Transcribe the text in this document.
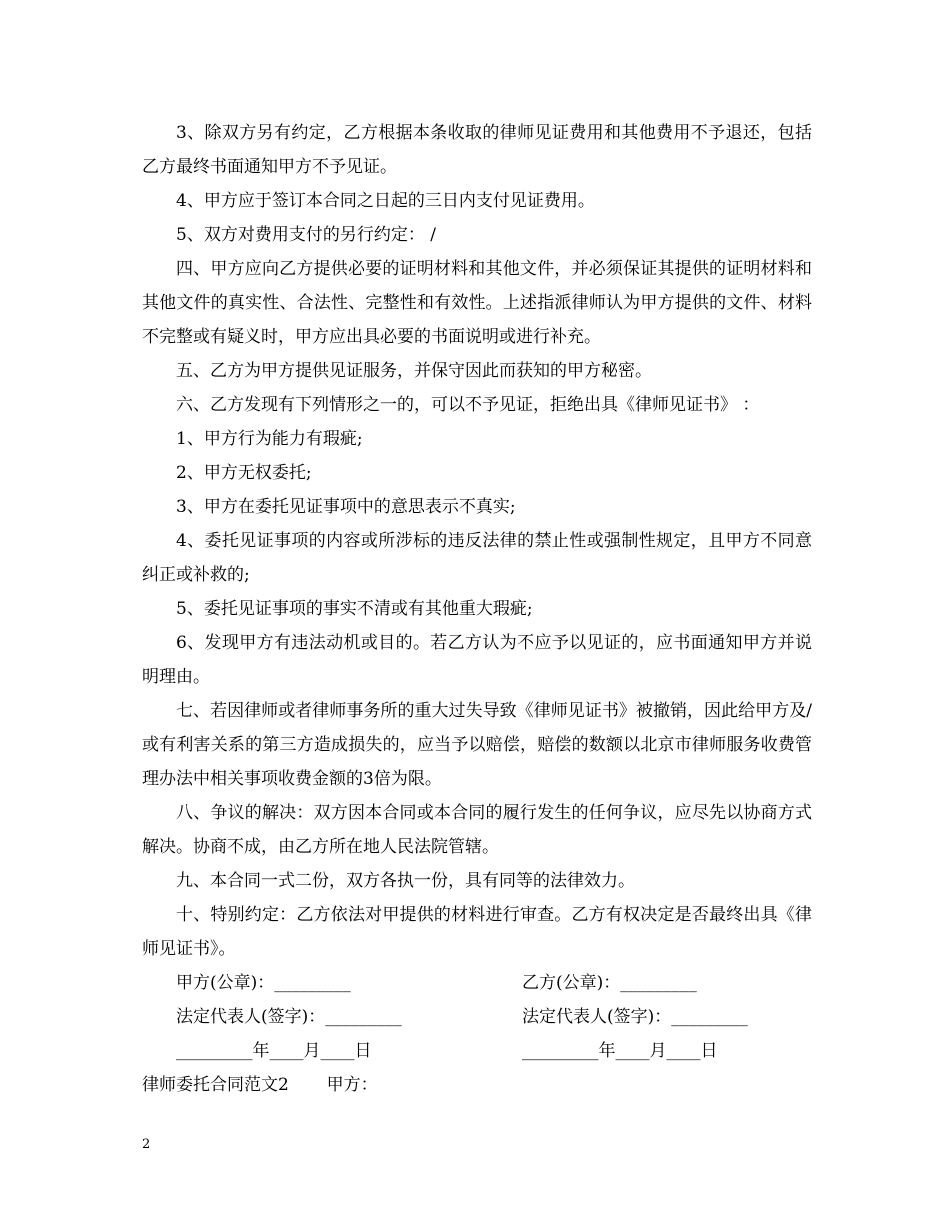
3、除双方另有约定，乙方根据本条收取的律师见证费用和其他费用不予退还，包括乙方最终书面通知甲方不予见证。

4、甲方应于签订本合同之日起的三日内支付见证费用。

5、双方对费用支付的另行约定： /

四、甲方应向乙方提供必要的证明材料和其他文件，并必须保证其提供的证明材料和其他文件的真实性、合法性、完整性和有效性。上述指派律师认为甲方提供的文件、材料不完整或有疑义时，甲方应出具必要的书面说明或进行补充。

五、乙方为甲方提供见证服务，并保守因此而获知的甲方秘密。

六、乙方发现有下列情形之一的，可以不予见证，拒绝出具《律师见证书》 ：

1、甲方行为能力有瑕疵;

2、甲方无权委托;

3、甲方在委托见证事项中的意思表示不真实;

4、委托见证事项的内容或所涉标的违反法律的禁止性或强制性规定，且甲方不同意纠正或补救的;

5、委托见证事项的事实不清或有其他重大瑕疵;

6、发现甲方有违法动机或目的。若乙方认为不应予以见证的，应书面通知甲方并说明理由。

七、若因律师或者律师事务所的重大过失导致《律师见证书》被撤销，因此给甲方及/或有利害关系的第三方造成损失的，应当予以赔偿，赔偿的数额以北京市律师服务收费管理办法中相关事项收费金额的3倍为限。

八、争议的解决：双方因本合同或本合同的履行发生的任何争议，应尽先以协商方式解决。协商不成，由乙方所在地人民法院管辖。

九、本合同一式二份，双方各执一份，具有同等的法律效力。

十、特别约定：乙方依法对甲提供的材料进行审查。乙方有权决定是否最终出具《律师见证书》。

甲方(公章)：_________	乙方(公章)：_________
法定代表人(签字)：_________	法定代表人(签字)：_________
_________年____月____日	_________年____月____日
律师委托合同范文2       甲方：
2
